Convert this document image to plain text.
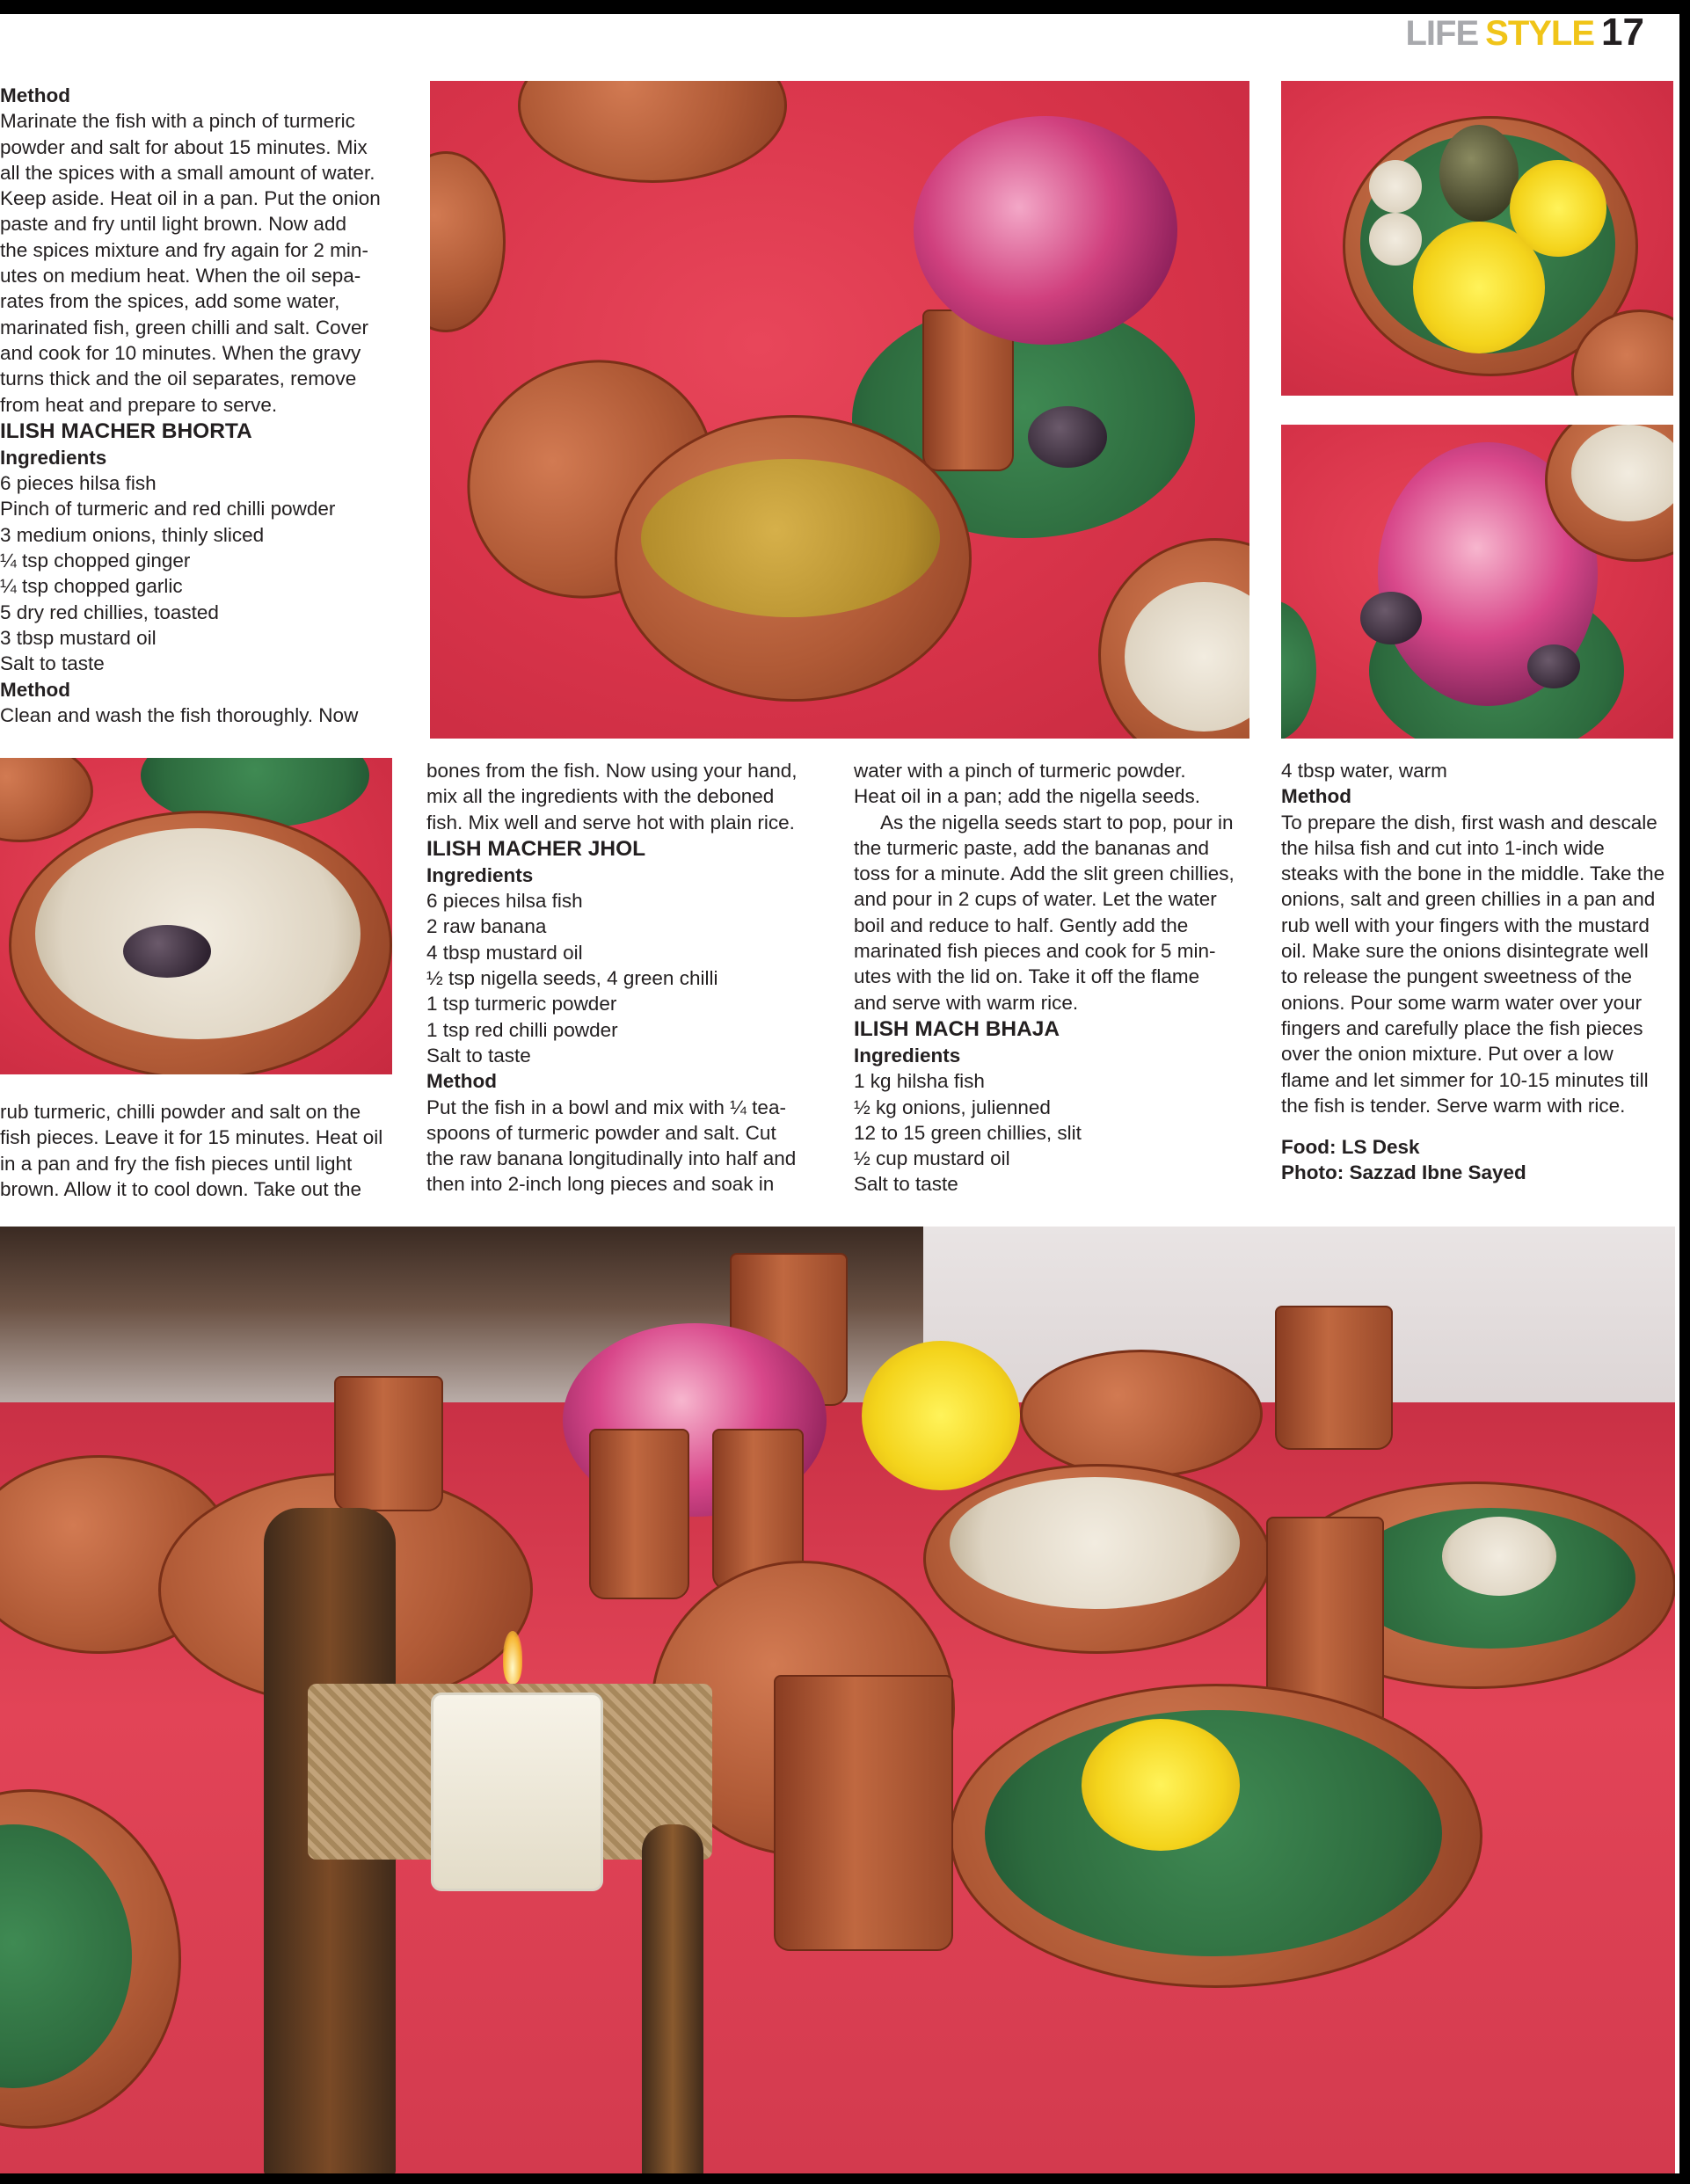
LIFE STYLE 17

Method

Marinate the fish with a pinch of turmeric

powder and salt for about 15 minutes. Mix

all the spices with a small amount of water.

Keep aside. Heat oil in a pan. Put the onion

paste and fry until light brown. Now add

the spices mixture and fry again for 2 min-

utes on medium heat. When the oil sepa-

rates from the spices, add some water,

marinated fish, green chilli and salt. Cover

and cook for 10 minutes. When the gravy

turns thick and the oil separates, remove

from heat and prepare to serve.

ILISH MACHER BHORTA

Ingredients

6 pieces hilsa fish

Pinch of turmeric and red chilli powder

3 medium onions, thinly sliced

¼ tsp chopped ginger

¼ tsp chopped garlic

5 dry red chillies, toasted

3 tbsp mustard oil

Salt to taste

Method

Clean and wash the fish thoroughly. Now

rub turmeric, chilli powder and salt on the

fish pieces. Leave it for 15 minutes. Heat oil

in a pan and fry the fish pieces until light

brown. Allow it to cool down. Take out the

bones from the fish. Now using your hand,

mix all the ingredients with the deboned

fish. Mix well and serve hot with plain rice.

ILISH MACHER JHOL

Ingredients

6 pieces hilsa fish

2 raw banana

4 tbsp mustard oil

½ tsp nigella seeds, 4 green chilli

1 tsp turmeric powder

1 tsp red chilli powder

Salt to taste

Method

Put the fish in a bowl and mix with ¼ tea-

spoons of turmeric powder and salt. Cut

the raw banana longitudinally into half and

then into 2-inch long pieces and soak in

water with a pinch of turmeric powder.

Heat oil in a pan; add the nigella seeds.

As the nigella seeds start to pop, pour in

the turmeric paste, add the bananas and

toss for a minute. Add the slit green chillies,

and pour in 2 cups of water. Let the water

boil and reduce to half. Gently add the

marinated fish pieces and cook for 5 min-

utes with the lid on. Take it off the flame

and serve with warm rice.

ILISH MACH BHAJA

Ingredients

1 kg hilsha fish

½ kg onions, julienned

12 to 15 green chillies, slit

½ cup mustard oil

Salt to taste

4 tbsp water, warm

Method

To prepare the dish, first wash and descale

the hilsa fish and cut into 1-inch wide

steaks with the bone in the middle. Take the

onions, salt and green chillies in a pan and

rub well with your fingers with the mustard

oil. Make sure the onions disintegrate well

to release the pungent sweetness of the

onions. Pour some warm water over your

fingers and carefully place the fish pieces

over the onion mixture. Put over a low

flame and let simmer for 10-15 minutes till

the fish is tender. Serve warm with rice.

Food: LS Desk

Photo: Sazzad Ibne Sayed
